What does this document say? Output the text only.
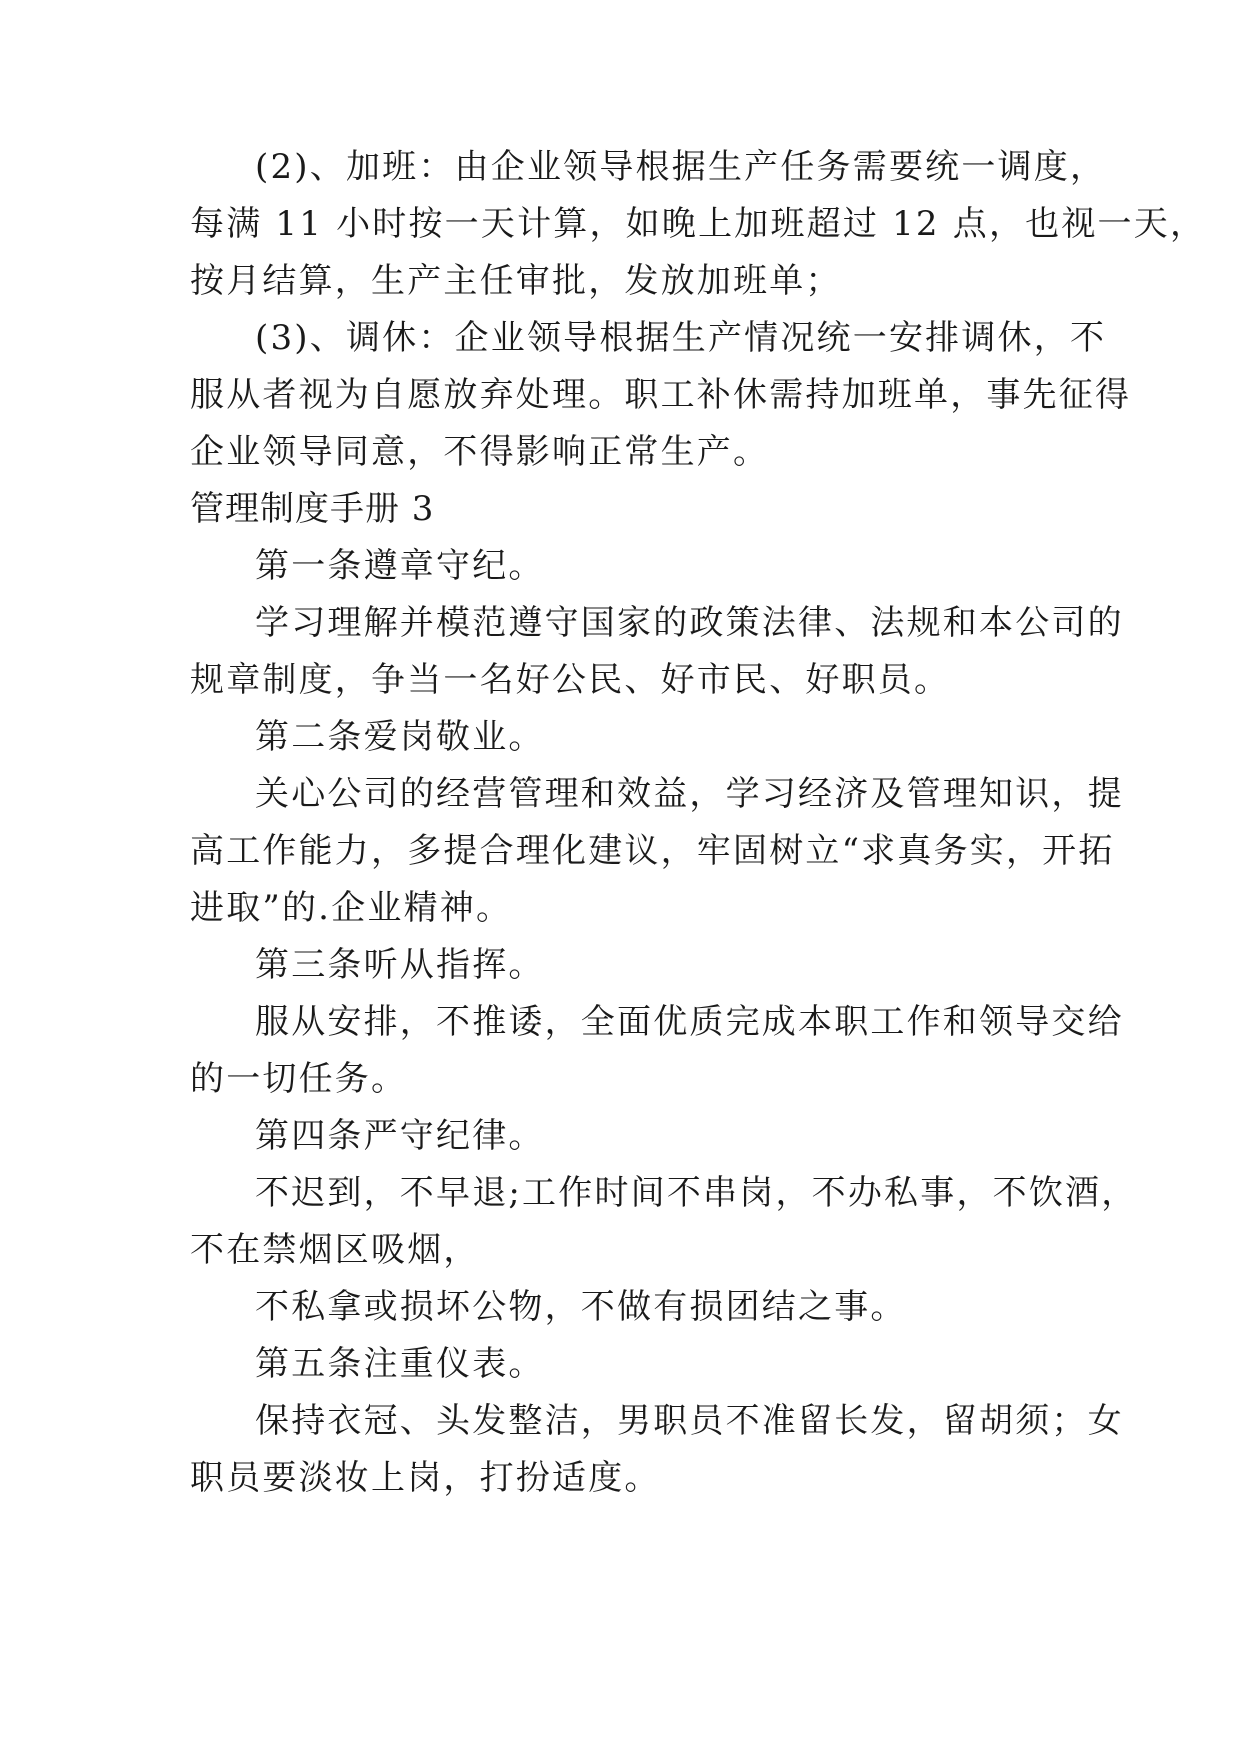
(2)、加班：由企业领导根据生产任务需要统一调度，
每满 11 小时按一天计算，如晚上加班超过 12 点，也视一天，
按月结算，生产主任审批，发放加班单；
(3)、调休：企业领导根据生产情况统一安排调休，不
服从者视为自愿放弃处理。职工补休需持加班单，事先征得
企业领导同意，不得影响正常生产。
管理制度手册 3
第一条遵章守纪。
学习理解并模范遵守国家的政策法律、法规和本公司的
规章制度，争当一名好公民、好市民、好职员。
第二条爱岗敬业。
关心公司的经营管理和效益，学习经济及管理知识，提
高工作能力，多提合理化建议，牢固树立“求真务实，开拓
进取”的.企业精神。
第三条听从指挥。
服从安排，不推诿，全面优质完成本职工作和领导交给
的一切任务。
第四条严守纪律。
不迟到，不早退;工作时间不串岗，不办私事，不饮酒，
不在禁烟区吸烟，
不私拿或损坏公物，不做有损团结之事。
第五条注重仪表。
保持衣冠、头发整洁，男职员不准留长发，留胡须；女
职员要淡妆上岗，打扮适度。
